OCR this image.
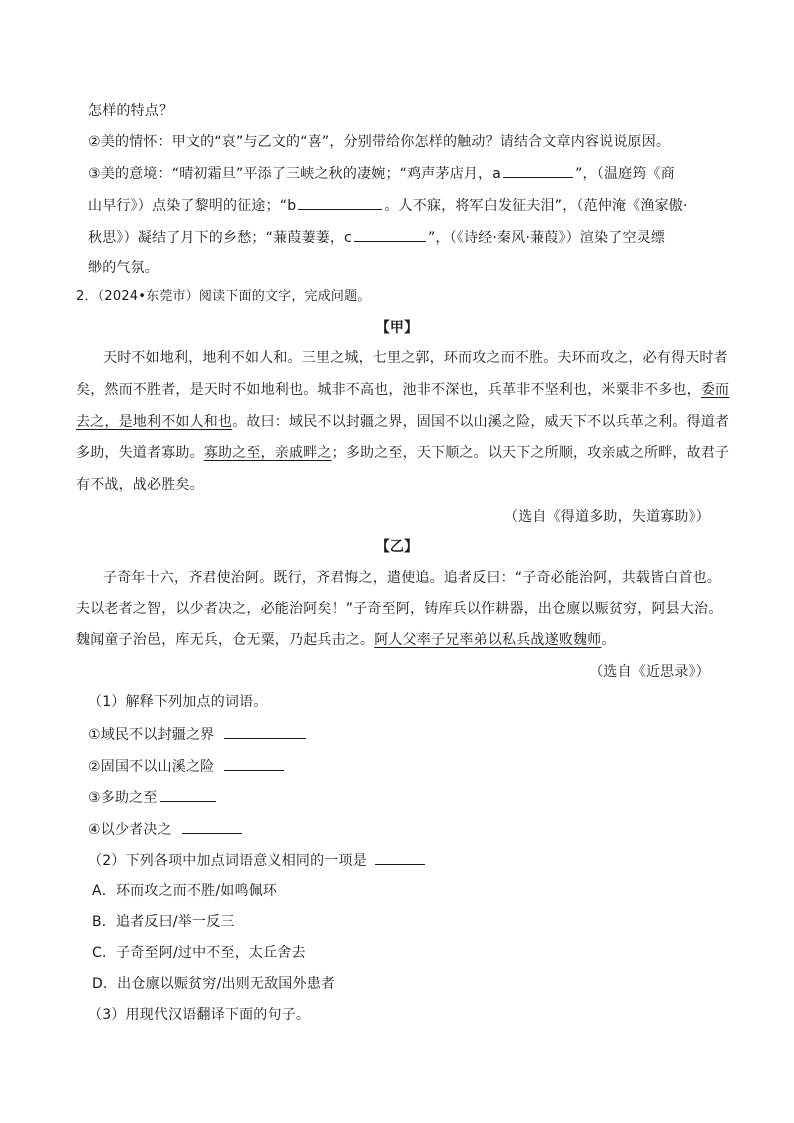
怎样的特点？
②美的情怀：甲文的“哀”与乙文的“喜”，分别带给你怎样的触动？请结合文章内容说说原因。
③美的意境：“晴初霜旦”平添了三峡之秋的凄婉；“鸡声茅店月，a	”，（温庭筠《商
山早行》）点染了黎明的征途；“b	。人不寐，将军白发征夫泪”，（范仲淹《渔家傲·
秋思》）凝结了月下的乡愁；“蒹葭萋萋，c	”，（《诗经·秦风·蒹葭》）渲染了空灵缥
缈的气氛。
2．（2024•东莞市）阅读下面的文字，完成问题。
【甲】
天时不如地利，地利不如人和。三里之城，七里之郭，环而攻之而不胜。夫环而攻之，必有得天时者
矣，然而不胜者，是天时不如地利也。城非不高也，池非不深也，兵革非不坚利也，米粟非不多也，委而
去之，是地利不如人和也。故曰：域民不以封疆之界，固国不以山溪之险，威天下不以兵革之利。得道者
多助，失道者寡助。寡助之至，亲戚畔之；多助之至，天下顺之。以天下之所顺，攻亲戚之所畔，故君子
有不战，战必胜矣。
（选自《得道多助，失道寡助》）
【乙】
子奇年十六，齐君使治阿。既行，齐君悔之，遣使追。追者反曰：“子奇必能治阿，共载皆白首也。
夫以老者之智，以少者决之，必能治阿矣！”子奇至阿，铸库兵以作耕器，出仓廪以赈贫穷，阿县大治。
魏闻童子治邑，库无兵，仓无粟，乃起兵击之。阿人父率子兄率弟以私兵战遂败魏师。
（选自《近思录》）
（1）解释下列加点的词语。
①域民不以封疆之界
②固国不以山溪之险
③多助之至
④以少者决之
（2）下列各项中加点词语意义相同的一项是
A．环而攻之而不胜/如鸣佩环
B．追者反曰/举一反三
C．子奇至阿/过中不至，太丘舍去
D．出仓廪以赈贫穷/出则无敌国外患者
（3）用现代汉语翻译下面的句子。
